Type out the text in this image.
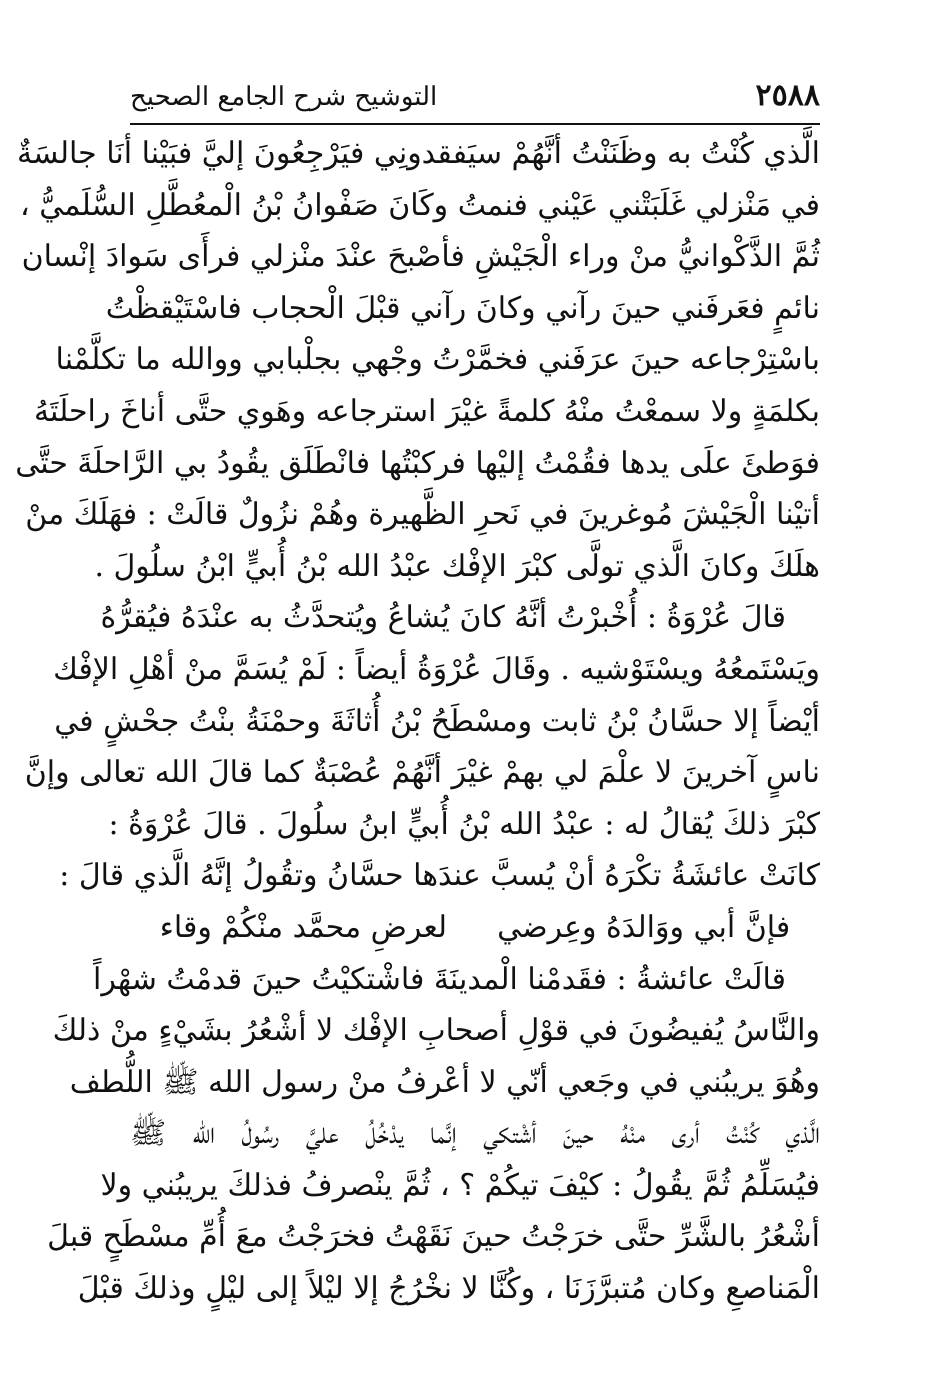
٢٥٨٨
التوشيح شرح الجامع الصحيح
الَّذي كُنْتُ به وظَنَنْتُ أنَّهُمْ سيَفقدونِي فيَرْجِعُونَ إليَّ فبَيْنا أنَا جالسَةٌ
في مَنْزلي غَلَبَتْني عَيْني فنمتُ وكَانَ صَفْوانُ بْنُ الْمعُطَّلِ السُّلَميُّ ،
ثُمَّ الذَّكْوانيُّ منْ وراء الْجَيْشِ فأصْبحَ عنْدَ منْزلي فرأَى سَوادَ إنْسان
نائمٍ فعَرفَني حينَ رآني وكانَ رآني قبْلَ الْحجاب فاسْتَيْقظْتُ
باسْتِرْجاعه حينَ عرَفَني فخمَّرْتُ وجْهي بجلْبابي ووالله ما تكلَّمْنا
بكلمَةٍ ولا سمعْتُ منْهُ كلمةً غيْرَ استرجاعه وهَوي حتَّى أناخَ راحلَتَهُ
فوَطئَ علَى يدها فقُمْتُ إليْها فركبْتُها فانْطَلَق يقُودُ بي الرَّاحلَةَ حتَّى
أتيْنا الْجَيْشَ مُوغرينَ في نَحرِ الظَّهيرة وهُمْ نزُولٌ قالَتْ : فهَلَكَ منْ
هلَكَ وكانَ الَّذي تولَّى كبْرَ الإفْك عبْدُ الله بْنُ أُبيٍّ ابْنُ سلُولَ .
قالَ عُرْوَةُ : أُخْبرْتُ أنَّهُ كانَ يُشاعُ ويُتحدَّثُ به عنْدَهُ فيُقرُّهُ
ويَسْتَمعُهُ ويسْتَوْشيه . وقَالَ عُرْوَةُ أيضاً : لَمْ يُسَمَّ منْ أهْلِ الإفْك
أيْضاً إلا حسَّانُ بْنُ ثابت ومسْطَحُ بْنُ أُثاثَةَ وحمْنَةُ بنْتُ جحْشٍ في
ناسٍ آخرينَ لا علْمَ لي بهمْ غيْرَ أنَّهُمْ عُصْبَةٌ كما قالَ الله تعالى وإنَّ
كبْرَ ذلكَ يُقالُ له : عبْدُ الله بْنُ أُبيٍّ ابنُ سلُولَ . قالَ عُرْوَةُ :
كانَتْ عائشَةُ تكْرَهُ أنْ يُسبَّ عندَها حسَّانُ وتقُولُ إنَّهُ الَّذي قالَ :
فإنَّ أبي ووَالدَهُ وعِرضي
لعرضِ محمَّد منْكُمْ وقاء
قالَتْ عائشةُ : فقَدمْنا الْمدينَةَ فاشْتكيْتُ حينَ قدمْتُ شهْراً
والنَّاسُ يُفيضُونَ في قوْلِ أصحابِ الإفْك لا أشْعُرُ بشَيْءٍ منْ ذلكَ
وهُوَ يريبُني في وجَعي أنّي لا أعْرفُ منْ رسول الله ﷺ اللُّطف
الَّذي كُنْتُ أرى منْهُ حينَ أشْتكي إنَّما يدْخُلُ عليَّ رسُولُ الله ﷺ
فيُسَلِّمُ ثُمَّ يقُولُ : كيْفَ تيكُمْ ؟ ، ثُمَّ ينْصرفُ فذلكَ يريبُني ولا
أشْعُرُ بالشَّرِّ حتَّى خرَجْتُ حينَ نَقَهْتُ فخرَجْتُ معَ أُمِّ مسْطَحٍ قبلَ
الْمَناصعِ وكان مُتبرَّزَنَا ، وكُنَّا لا نخْرُجُ إلا ليْلاً إلى ليْلٍ وذلكَ قبْلَ
